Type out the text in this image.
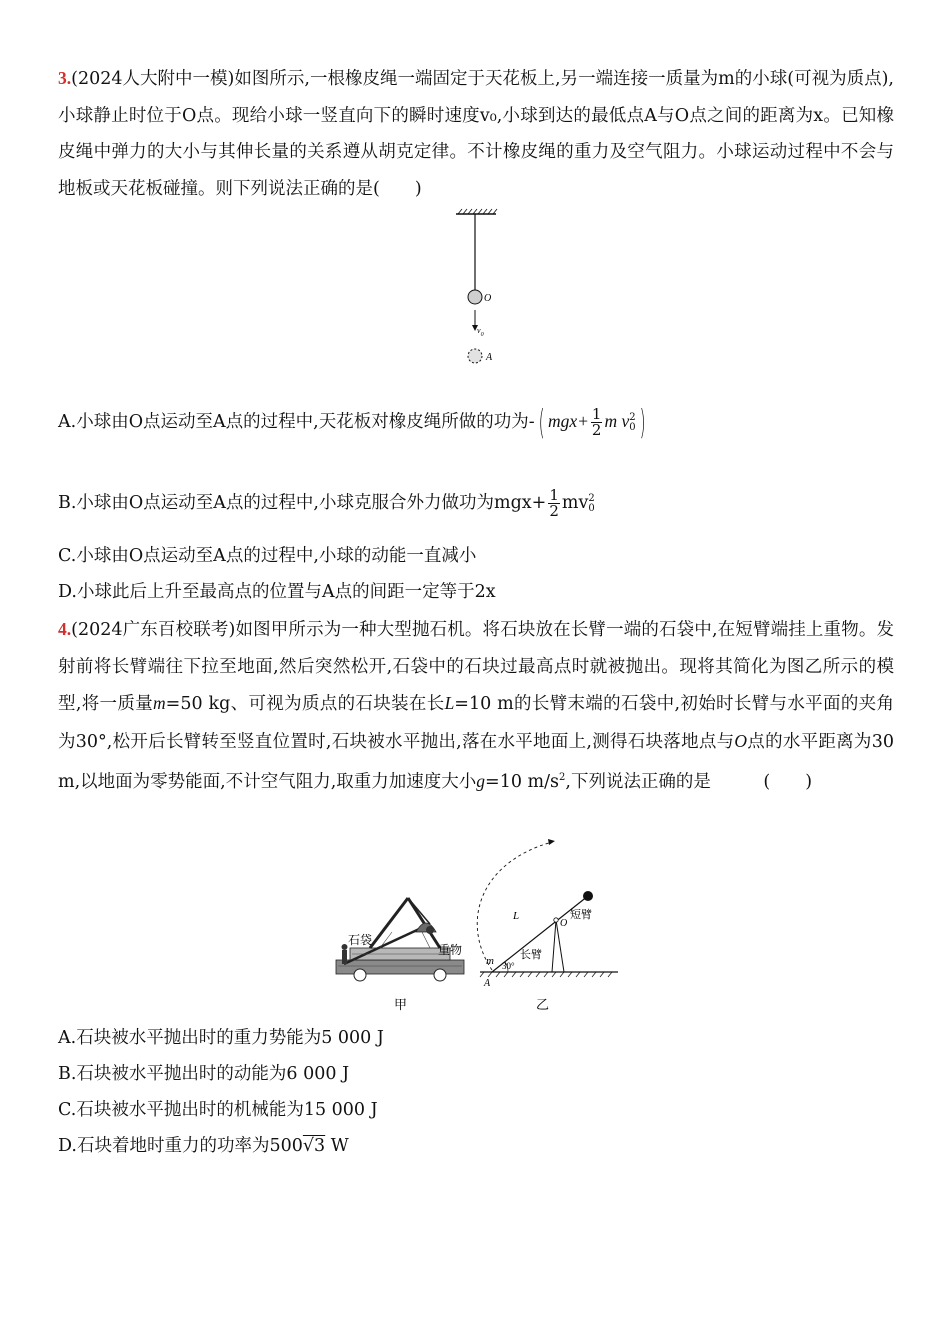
3.(2024人大附中一模)如图所示,一根橡皮绳一端固定于天花板上,另一端连接一质量为m的小球(可视为质点),小球静止时位于O点。现给小球一竖直向下的瞬时速度v₀,小球到达的最低点A与O点之间的距离为x。已知橡皮绳中弹力的大小与其伸长量的关系遵从胡克定律。不计橡皮绳的重力及空气阻力。小球运动过程中不会与地板或天花板碰撞。则下列说法正确的是(　　)
O
$v_0$
A
A.小球由O点运动至A点的过程中,天花板对橡皮绳所做的功为- ( $mgx+ \frac{1}{2}$ m v 2
0 )
B.小球由O点运动至A点的过程中,小球克服合外力做功为$mgx+ \frac{1}{2}$ mv 2
0
C.小球由O点运动至A点的过程中,小球的动能一直减小
D.小球此后上升至最高点的位置与A点的间距一定等于2x
4.(2024广东百校联考)如图甲所示为一种大型抛石机。将石块放在长臂一端的石袋中,在短臂端挂上重物。发射前将长臂端往下拉至地面,然后突然松开,石袋中的石块过最高点时就被抛出。现将其简化为图乙所示的模型,将一质量m=50 kg、可视为质点的石块装在长L=10 m的长臂末端的石袋中,初始时长臂与水平面的夹角为30°,松开后长臂转至竖直位置时,石块被水平抛出,落在水平地面上,测得石块落地点与O点的水平距离为30 m,以地面为零势能面,不计空气阻力,取重力加速度大小g=10 $m/s^2$,下列说法正确的是　　　(　　)
石袋
重物
甲
L
m 30°
长臂
短臂
O
A
乙
A.石块被水平抛出时的重力势能为5 000 J
B.石块被水平抛出时的动能为6 000 J
C.石块被水平抛出时的机械能为15 000 J
D.石块着地时重力的功率为500√3 W
